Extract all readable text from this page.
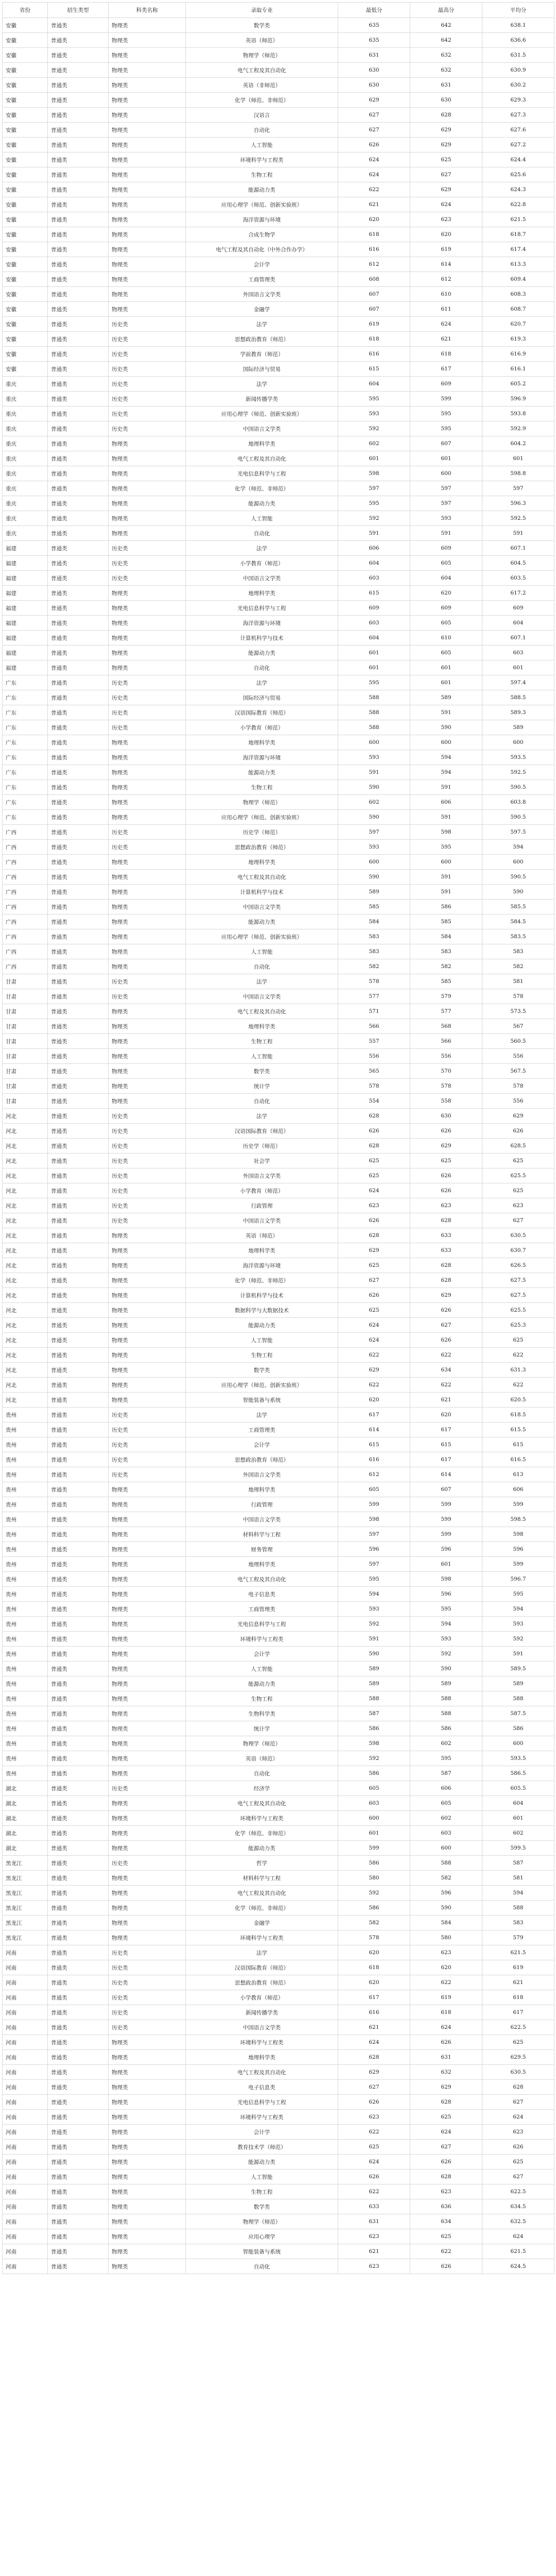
省份	招生类型	科类名称	录取专业	最低分	最高分	平均分
安徽	普通类	物理类	数学类	635	642	638.1
安徽	普通类	物理类	英语（师范）	635	642	636.6
安徽	普通类	物理类	物理学（师范）	631	632	631.5
安徽	普通类	物理类	电气工程及其自动化	630	632	630.9
安徽	普通类	物理类	英语（非师范）	630	631	630.2
安徽	普通类	物理类	化学（师范、非师范）	629	630	629.3
安徽	普通类	物理类	汉语言	627	628	627.3
安徽	普通类	物理类	自动化	627	629	627.6
安徽	普通类	物理类	人工智能	626	629	627.2
安徽	普通类	物理类	环境科学与工程类	624	625	624.4
安徽	普通类	物理类	生物工程	624	627	625.6
安徽	普通类	物理类	能源动力类	622	629	624.3
安徽	普通类	物理类	应用心理学（师范、创新实验班）	621	624	622.8
安徽	普通类	物理类	海洋资源与环境	620	623	621.5
安徽	普通类	物理类	合成生物学	618	620	618.7
安徽	普通类	物理类	电气工程及其自动化（中外合作办学）	616	619	617.4
安徽	普通类	物理类	会计学	612	614	613.3
安徽	普通类	物理类	工商管理类	608	612	609.4
安徽	普通类	物理类	外国语言文学类	607	610	608.3
安徽	普通类	物理类	金融学	607	611	608.7
安徽	普通类	历史类	法学	619	624	620.7
安徽	普通类	历史类	思想政治教育（师范）	618	621	619.3
安徽	普通类	历史类	学前教育（师范）	616	618	616.9
安徽	普通类	历史类	国际经济与贸易	615	617	616.1
重庆	普通类	历史类	法学	604	609	605.2
重庆	普通类	历史类	新闻传播学类	595	599	596.9
重庆	普通类	历史类	应用心理学（师范、创新实验班）	593	595	593.8
重庆	普通类	历史类	中国语言文学类	592	595	592.9
重庆	普通类	物理类	地理科学类	602	607	604.2
重庆	普通类	物理类	电气工程及其自动化	601	601	601
重庆	普通类	物理类	光电信息科学与工程	598	600	598.8
重庆	普通类	物理类	化学（师范、非师范）	597	597	597
重庆	普通类	物理类	能源动力类	595	597	596.3
重庆	普通类	物理类	人工智能	592	593	592.5
重庆	普通类	物理类	自动化	591	591	591
福建	普通类	历史类	法学	606	609	607.1
福建	普通类	历史类	小学教育（师范）	604	605	604.5
福建	普通类	历史类	中国语言文学类	603	604	603.5
福建	普通类	物理类	地理科学类	615	620	617.2
福建	普通类	物理类	光电信息科学与工程	609	609	609
福建	普通类	物理类	海洋资源与环境	603	605	604
福建	普通类	物理类	计算机科学与技术	604	610	607.1
福建	普通类	物理类	能源动力类	601	605	603
福建	普通类	物理类	自动化	601	601	601
广东	普通类	历史类	法学	595	601	597.4
广东	普通类	历史类	国际经济与贸易	588	589	588.5
广东	普通类	历史类	汉语国际教育（师范）	588	591	589.3
广东	普通类	历史类	小学教育（师范）	588	590	589
广东	普通类	物理类	地理科学类	600	600	600
广东	普通类	物理类	海洋资源与环境	593	594	593.5
广东	普通类	物理类	能源动力类	591	594	592.5
广东	普通类	物理类	生物工程	590	591	590.5
广东	普通类	物理类	物理学（师范）	602	606	603.8
广东	普通类	物理类	应用心理学（师范、创新实验班）	590	591	590.5
广西	普通类	历史类	历史学（师范）	597	598	597.5
广西	普通类	历史类	思想政治教育（师范）	593	595	594
广西	普通类	物理类	地理科学类	600	600	600
广西	普通类	物理类	电气工程及其自动化	590	591	590.5
广西	普通类	物理类	计算机科学与技术	589	591	590
广西	普通类	物理类	中国语言文学类	585	586	585.5
广西	普通类	物理类	能源动力类	584	585	584.5
广西	普通类	物理类	应用心理学（师范、创新实验班）	583	584	583.5
广西	普通类	物理类	人工智能	583	583	583
广西	普通类	物理类	自动化	582	582	582
甘肃	普通类	历史类	法学	578	585	581
甘肃	普通类	历史类	中国语言文学类	577	579	578
甘肃	普通类	物理类	电气工程及其自动化	571	577	573.5
甘肃	普通类	物理类	地理科学类	566	568	567
甘肃	普通类	物理类	生物工程	557	566	560.5
甘肃	普通类	物理类	人工智能	556	556	556
甘肃	普通类	物理类	数学类	565	570	567.5
甘肃	普通类	物理类	统计学	578	578	578
甘肃	普通类	物理类	自动化	554	558	556
河北	普通类	历史类	法学	628	630	629
河北	普通类	历史类	汉语国际教育（师范）	626	626	626
河北	普通类	历史类	历史学（师范）	628	629	628.5
河北	普通类	历史类	社会学	625	625	625
河北	普通类	历史类	外国语言文学类	625	626	625.5
河北	普通类	历史类	小学教育（师范）	624	626	625
河北	普通类	历史类	行政管理	623	623	623
河北	普通类	历史类	中国语言文学类	626	628	627
河北	普通类	物理类	英语（师范）	628	633	630.5
河北	普通类	物理类	地理科学类	629	633	630.7
河北	普通类	物理类	海洋资源与环境	625	628	626.5
河北	普通类	物理类	化学（师范、非师范）	627	628	627.5
河北	普通类	物理类	计算机科学与技术	626	629	627.5
河北	普通类	物理类	数据科学与大数据技术	625	626	625.5
河北	普通类	物理类	能源动力类	624	627	625.3
河北	普通类	物理类	人工智能	624	626	625
河北	普通类	物理类	生物工程	622	622	622
河北	普通类	物理类	数学类	629	634	631.3
河北	普通类	物理类	应用心理学（师范、创新实验班）	622	622	622
河北	普通类	物理类	智能装备与系统	620	621	620.5
贵州	普通类	历史类	法学	617	620	618.5
贵州	普通类	历史类	工商管理类	614	617	615.5
贵州	普通类	历史类	会计学	615	615	615
贵州	普通类	历史类	思想政治教育（师范）	616	617	616.5
贵州	普通类	历史类	外国语言文学类	612	614	613
贵州	普通类	物理类	地理科学类	605	607	606
贵州	普通类	物理类	行政管理	599	599	599
贵州	普通类	物理类	中国语言文学类	598	599	598.5
贵州	普通类	物理类	材料科学与工程	597	599	598
贵州	普通类	物理类	财务管理	596	596	596
贵州	普通类	物理类	地理科学类	597	601	599
贵州	普通类	物理类	电气工程及其自动化	595	598	596.7
贵州	普通类	物理类	电子信息类	594	596	595
贵州	普通类	物理类	工商管理类	593	595	594
贵州	普通类	物理类	光电信息科学与工程	592	594	593
贵州	普通类	物理类	环境科学与工程类	591	593	592
贵州	普通类	物理类	会计学	590	592	591
贵州	普通类	物理类	人工智能	589	590	589.5
贵州	普通类	物理类	能源动力类	589	589	589
贵州	普通类	物理类	生物工程	588	588	588
贵州	普通类	物理类	生物科学类	587	588	587.5
贵州	普通类	物理类	统计学	586	586	586
贵州	普通类	物理类	物理学（师范）	598	602	600
贵州	普通类	物理类	英语（师范）	592	595	593.5
贵州	普通类	物理类	自动化	586	587	586.5
湖北	普通类	历史类	经济学	605	606	605.5
湖北	普通类	物理类	电气工程及其自动化	603	605	604
湖北	普通类	物理类	环境科学与工程类	600	602	601
湖北	普通类	物理类	化学（师范、非师范）	601	603	602
湖北	普通类	物理类	能源动力类	599	600	599.5
黑龙江	普通类	历史类	哲学	586	588	587
黑龙江	普通类	物理类	材料科学与工程	580	582	581
黑龙江	普通类	物理类	电气工程及其自动化	592	596	594
黑龙江	普通类	物理类	化学（师范、非师范）	586	590	588
黑龙江	普通类	物理类	金融学	582	584	583
黑龙江	普通类	物理类	环境科学与工程类	578	580	579
河南	普通类	历史类	法学	620	623	621.5
河南	普通类	历史类	汉语国际教育（师范）	618	620	619
河南	普通类	历史类	思想政治教育（师范）	620	622	621
河南	普通类	历史类	小学教育（师范）	617	619	618
河南	普通类	历史类	新闻传播学类	616	618	617
河南	普通类	历史类	中国语言文学类	621	624	622.5
河南	普通类	物理类	环境科学与工程类	624	626	625
河南	普通类	物理类	地理科学类	628	631	629.5
河南	普通类	物理类	电气工程及其自动化	629	632	630.5
河南	普通类	物理类	电子信息类	627	629	628
河南	普通类	物理类	光电信息科学与工程	626	628	627
河南	普通类	物理类	环境科学与工程类	623	625	624
河南	普通类	物理类	会计学	622	624	623
河南	普通类	物理类	教育技术学（师范）	625	627	626
河南	普通类	物理类	能源动力类	624	626	625
河南	普通类	物理类	人工智能	626	628	627
河南	普通类	物理类	生物工程	622	623	622.5
河南	普通类	物理类	数学类	633	636	634.5
河南	普通类	物理类	物理学（师范）	631	634	632.5
河南	普通类	物理类	应用心理学	623	625	624
河南	普通类	物理类	智能装备与系统	621	622	621.5
河南	普通类	物理类	自动化	623	626	624.5
